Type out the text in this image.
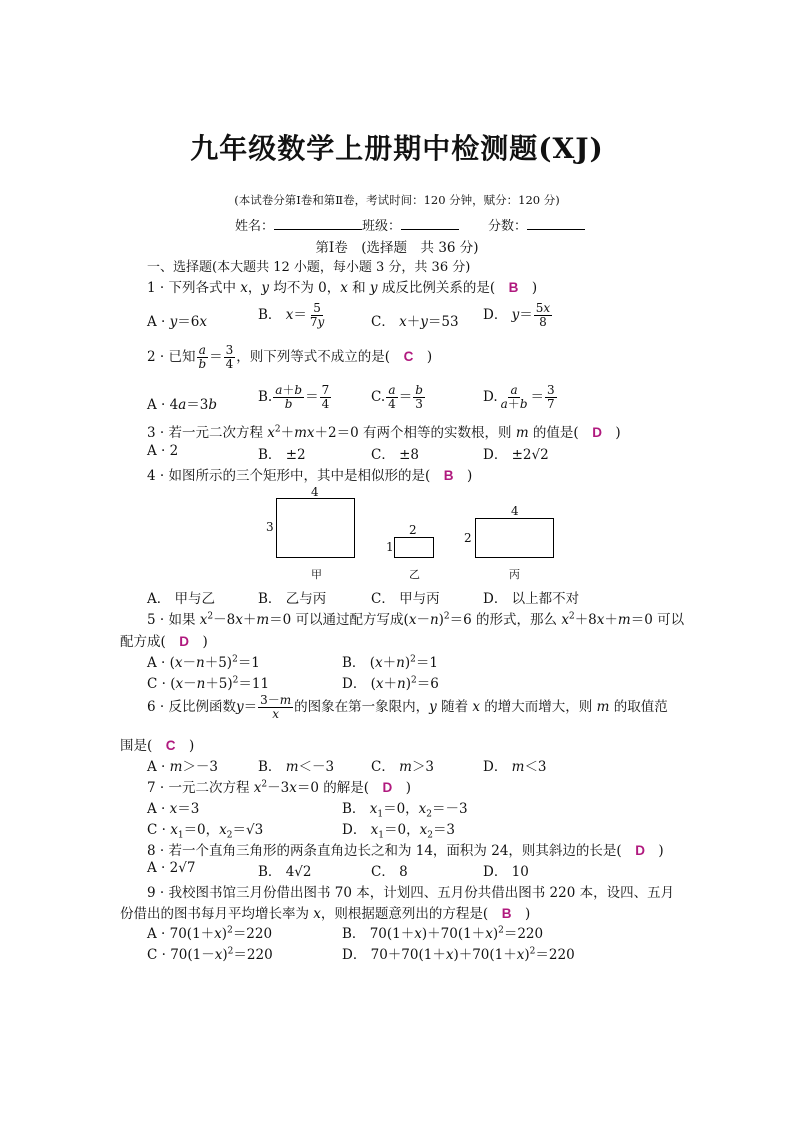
九年级数学上册期中检测题(XJ)
(本试卷分第Ⅰ卷和第Ⅱ卷，考试时间：120 分钟，赋分：120 分)
姓名：	班级：	分数：
第Ⅰ卷　(选择题　共 36 分)
一、选择题(本大题共 12 小题，每小题 3 分，共 36 分)
1 · 下列各式中 x，y 均不为 0，x 和 y 成反比例关系的是(　B　)
A · y＝6x	B． $x= \frac{5}{7y}$	C． x＋y＝53 D． $y= \frac{5x}{8}$
2 · 已知 $\frac{a}{b} = \frac{3}{4}$ ，则下列等式不成立的是(　C　)
A · 4a＝3b	B. $\frac{a+b}{b} = \frac{7}{4}$	C. $\frac{a}{4} = \frac{b}{3}$	D. $\frac{a}{a+b} = \frac{3}{7}$
3 · 若一元二次方程 $x^2+mx+2=0$ 有两个相等的实数根，则 m 的值是(　D　)
A · 2	B． ±2	C． ±8	D． ±2√2
4 · 如图所示的三个矩形中，其中是相似形的是(　B　)
4
3
甲
2
1
乙
4
2
丙
A． 甲与乙	B． 乙与丙	C． 甲与丙	D． 以上都不对
5 · 如果 $x^2-8x+m=0$ 可以通过配方写成$(x-n)^2=6$ 的形式，那么 $x^2+8x+m=0$ 可以
配方成(　D　)
$A \cdot (x-n+5)^2=1$	B． $(x+n)^2=1$
$C \cdot (x-n+5)^2=11$	D． $(x+n)^2=6$
6 · 反比例函数$y= \frac{3-m}{x}$ 的图象在第一象限内，y 随着 x 的增大而增大，则 m 的取值范
围是(　C　)
A · m＞－3	B． m＜－3	C． m＞3	D． m＜3
7 · 一元二次方程 $x^2-3x=0$ 的解是(　D　)
A · x＝3	B． $x_1=0$，$x_2=-3$
$C \cdot x_1=0$，$x_2=√3$	D． $x_1=0$，$x_2=3$
8 · 若一个直角三角形的两条直角边长之和为 14，面积为 24，则其斜边的长是(　D　)
A · 2√7	B． 4√2	C． 8	D． 10
9 · 我校图书馆三月份借出图书 70 本，计划四、五月份共借出图书 220 本，设四、五月
份借出的图书每月平均增长率为 x，则根据题意列出的方程是(　B　)
$A \cdot 70(1+x)^2=220$	B． $70(1+x)+70(1+x)^2=220$
$C \cdot 70(1-x)^2=220$	D． $70+70(1+x)+70(1+x)^2=220$
